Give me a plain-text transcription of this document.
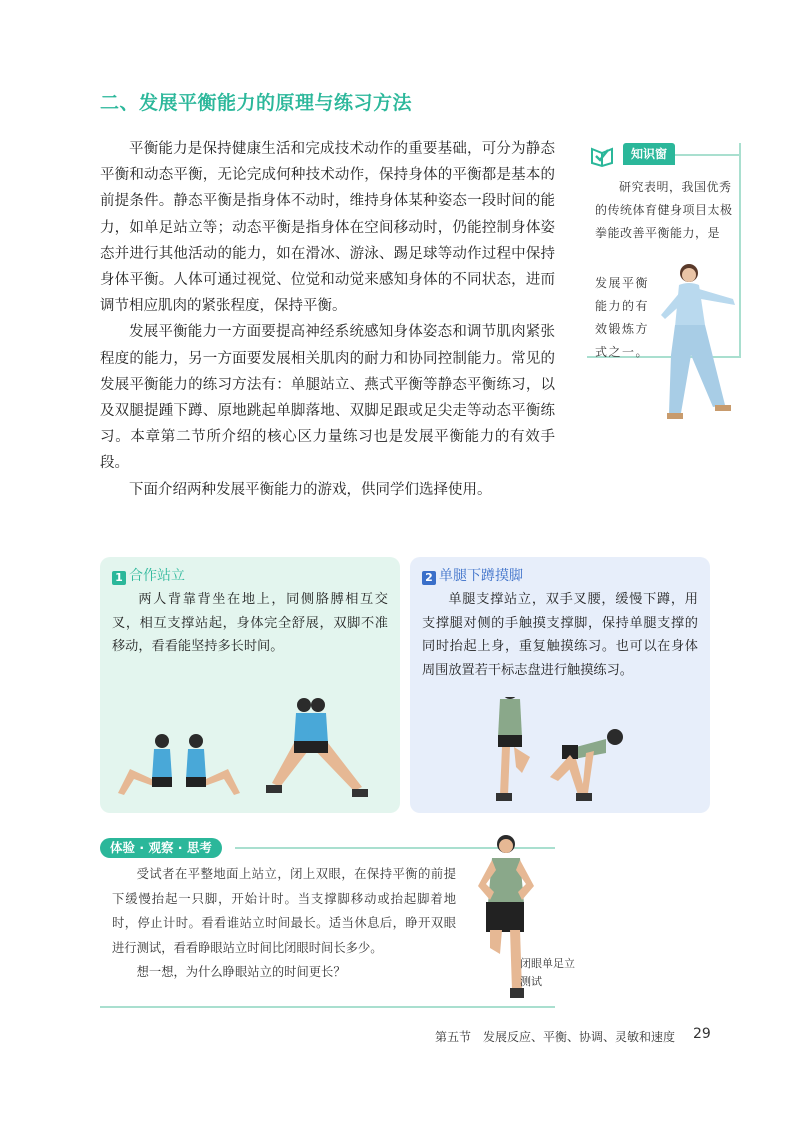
二、发展平衡能力的原理与练习方法

平衡能力是保持健康生活和完成技术动作的重要基础，可分为静态平衡和动态平衡，无论完成何种技术动作，保持身体的平衡都是基本的前提条件。静态平衡是指身体不动时，维持身体某种姿态一段时间的能力，如单足站立等；动态平衡是指身体在空间移动时，仍能控制身体姿态并进行其他活动的能力，如在滑冰、游泳、踢足球等动作过程中保持身体平衡。人体可通过视觉、位觉和动觉来感知身体的不同状态，进而调节相应肌肉的紧张程度，保持平衡。

发展平衡能力一方面要提高神经系统感知身体姿态和调节肌肉紧张程度的能力，另一方面要发展相关肌肉的耐力和协同控制能力。常见的发展平衡能力的练习方法有：单腿站立、燕式平衡等静态平衡练习，以及双腿提踵下蹲、原地跳起单脚落地、双脚足跟或足尖走等动态平衡练习。本章第二节所介绍的核心区力量练习也是发展平衡能力的有效手段。

下面介绍两种发展平衡能力的游戏，供同学们选择使用。

知识窗
研究表明，我国优秀的传统体育健身项目太极拳能改善平衡能力，是
发展平衡
能力的有
效锻炼方
式之一。
1 合作站立
两人背靠背坐在地上，同侧胳膊相互交叉，相互支撑站起，身体完全舒展，双脚不准移动，看看能坚持多长时间。
2 单腿下蹲摸脚
单腿支撑站立，双手叉腰，缓慢下蹲，用支撑腿对侧的手触摸支撑脚，保持单腿支撑的同时抬起上身，重复触摸练习。也可以在身体周围放置若干标志盘进行触摸练习。
体验 · 观察 · 思考

受试者在平整地面上站立，闭上双眼，在保持平衡的前提下缓慢抬起一只脚，开始计时。当支撑脚移动或抬起脚着地时，停止计时。看看谁站立时间最长。适当休息后，睁开双眼进行测试，看看睁眼站立时间比闭眼时间长多少。

想一想，为什么睁眼站立的时间更长？

闭眼单足立测试
第五节　发展反应、平衡、协调、灵敏和速度 29
